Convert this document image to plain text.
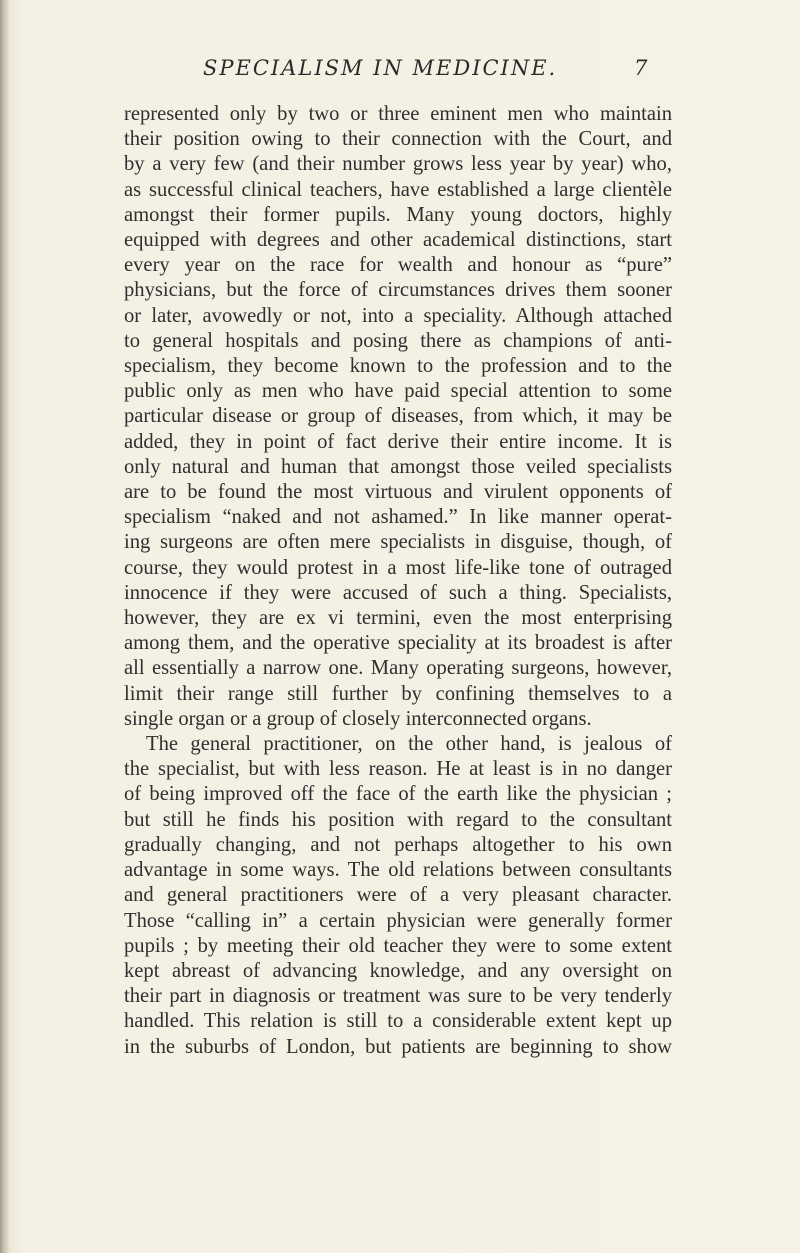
SPECIALISM IN MEDICINE.	7
represented only by two or three eminent men who maintain
their position owing to their connection with the Court, and
by a very few (and their number grows less year by year) who,
as successful clinical teachers, have established a large clientèle
amongst their former pupils. Many young doctors, highly
equipped with degrees and other academical distinctions, start
every year on the race for wealth and honour as “pure”
physicians, but the force of circumstances drives them sooner
or later, avowedly or not, into a speciality. Although attached
to general hospitals and posing there as champions of anti-
specialism, they become known to the profession and to the
public only as men who have paid special attention to some
particular disease or group of diseases, from which, it may be
added, they in point of fact derive their entire income. It is
only natural and human that amongst those veiled specialists
are to be found the most virtuous and virulent opponents of
specialism “naked and not ashamed.” In like manner operat-
ing surgeons are often mere specialists in disguise, though, of
course, they would protest in a most life-like tone of outraged
innocence if they were accused of such a thing. Specialists,
however, they are ex vi termini, even the most enterprising
among them, and the operative speciality at its broadest is after
all essentially a narrow one. Many operating surgeons, however,
limit their range still further by confining themselves to a
single organ or a group of closely interconnected organs.
The general practitioner, on the other hand, is jealous of
the specialist, but with less reason. He at least is in no danger
of being improved off the face of the earth like the physician ;
but still he finds his position with regard to the consultant
gradually changing, and not perhaps altogether to his own
advantage in some ways. The old relations between consultants
and general practitioners were of a very pleasant character.
Those “calling in” a certain physician were generally former
pupils ; by meeting their old teacher they were to some extent
kept abreast of advancing knowledge, and any oversight on
their part in diagnosis or treatment was sure to be very tenderly
handled. This relation is still to a considerable extent kept up
in the suburbs of London, but patients are beginning to show
